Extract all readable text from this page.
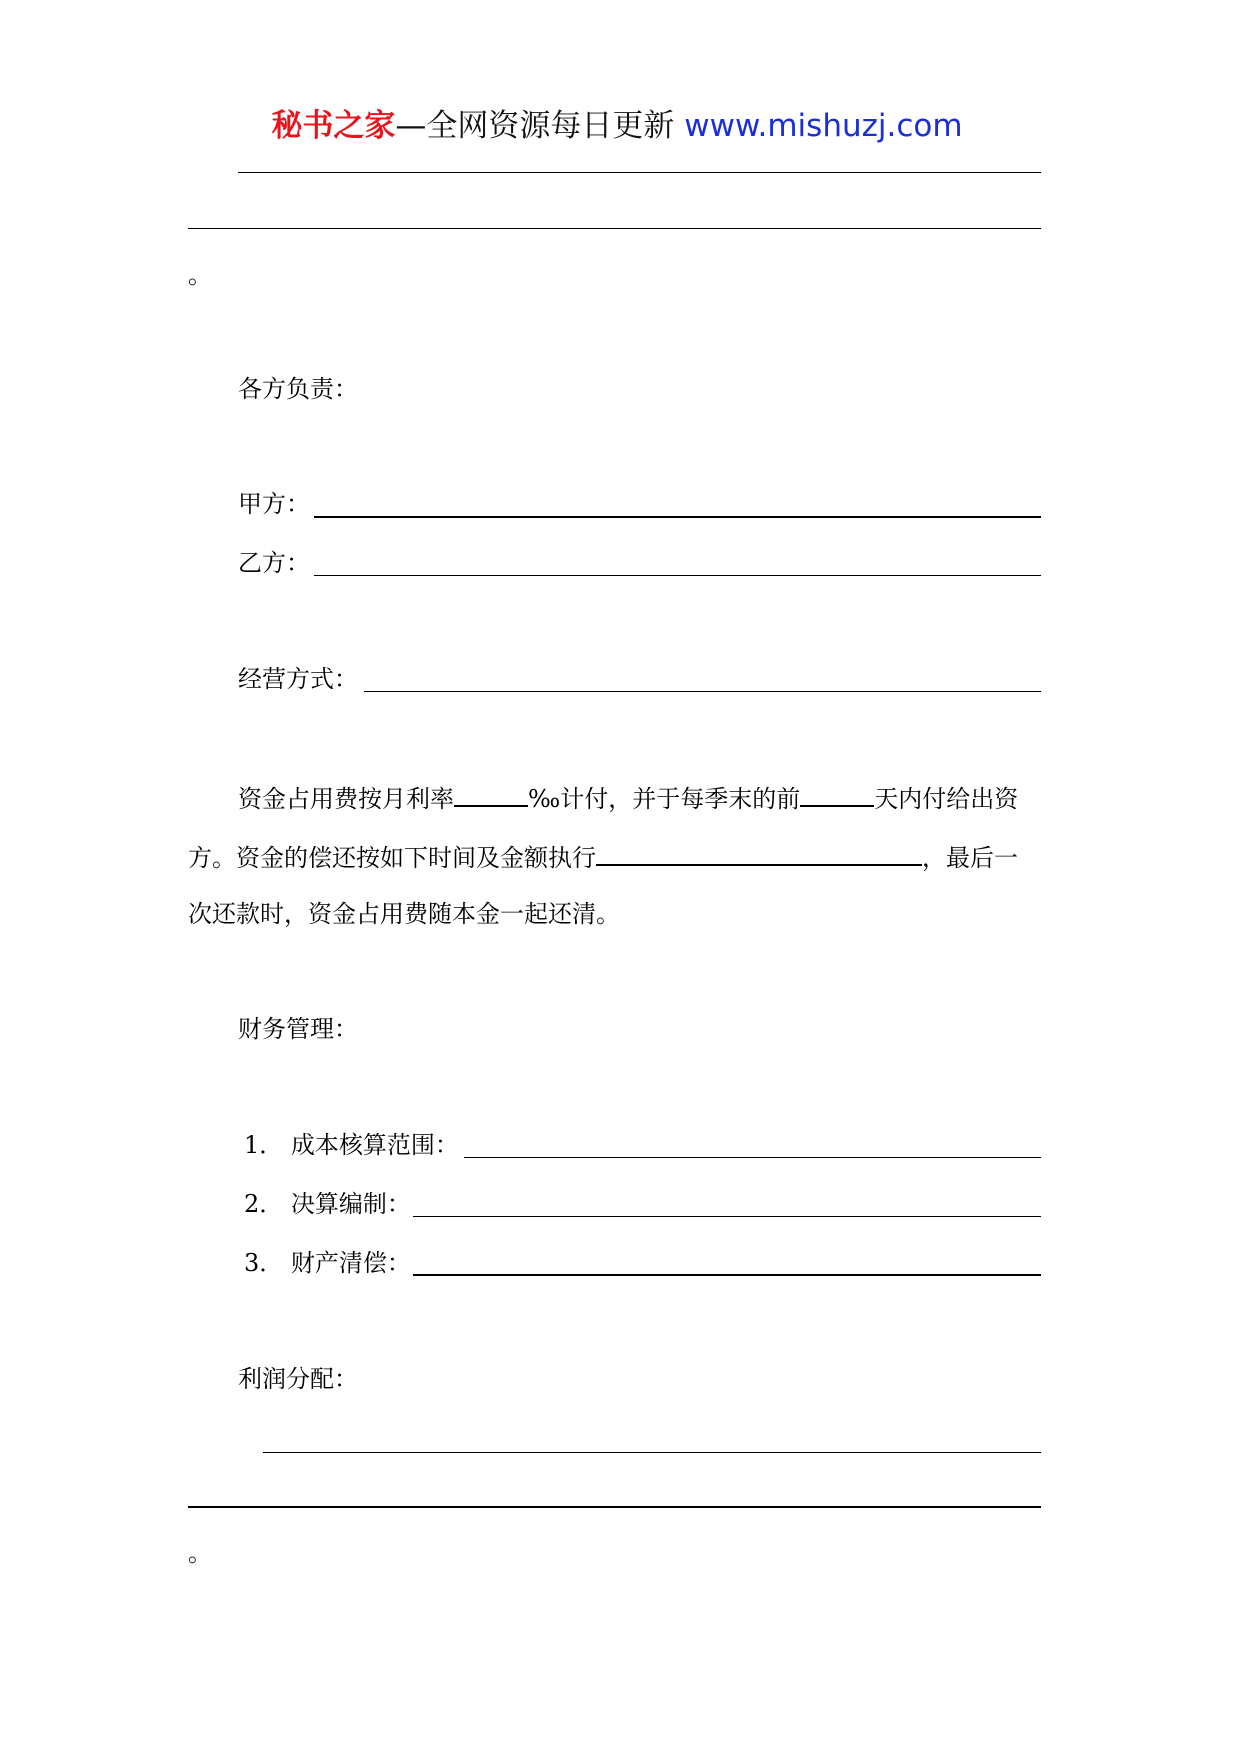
秘书之家—全网资源每日更新 www.mishuzj.com
。
各方负责：
甲方：
乙方：
经营方式：
资金占用费按月利率	‰计付，并于每季末的前	天内付给出资
方。资金的偿还按如下时间及金额执行	，最后一
次还款时，资金占用费随本金一起还清。
财务管理：
1． 成本核算范围：
2． 决算编制：
3． 财产清偿：
利润分配：
。
